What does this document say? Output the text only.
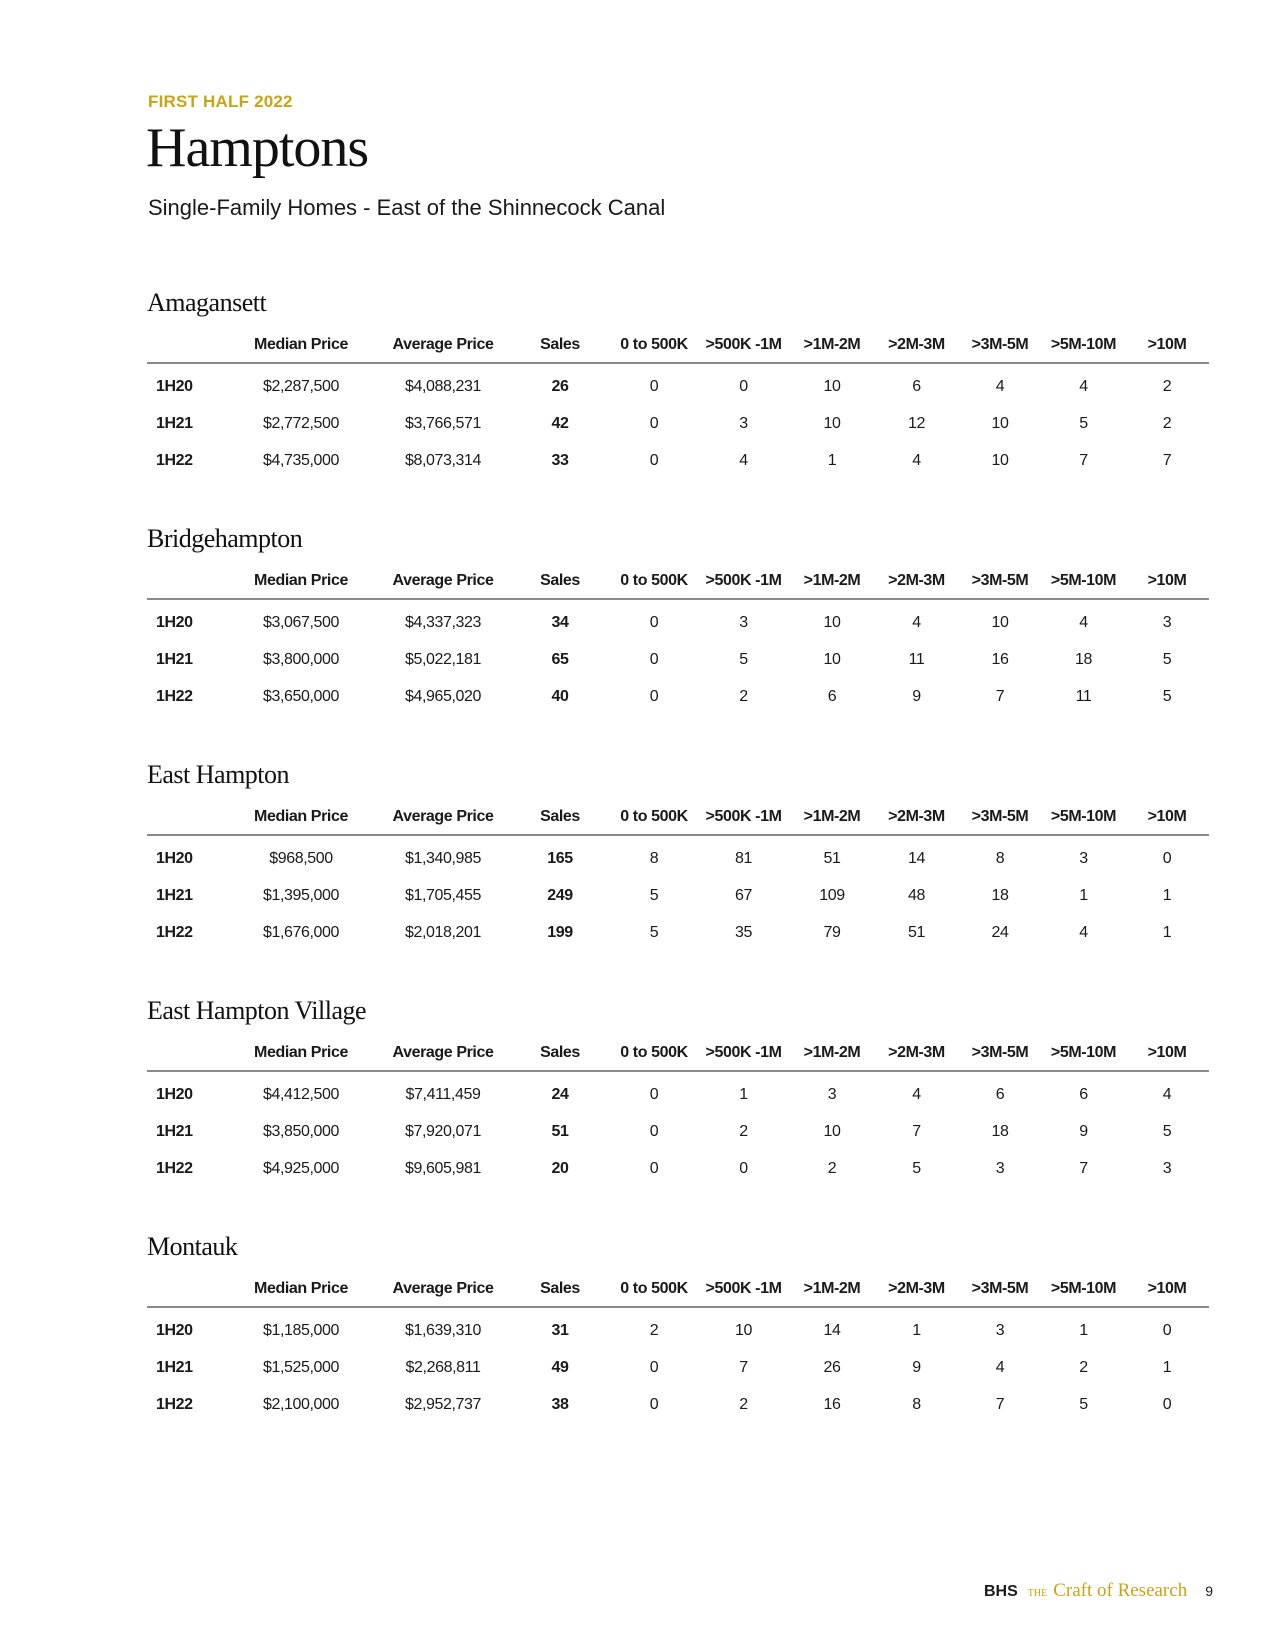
FIRST HALF 2022
Hamptons
Single-Family Homes - East of the Shinnecock Canal
Amagansett
	Median Price	Average Price	Sales	0 to 500K	>500K -1M	>1M-2M	>2M-3M	>3M-5M	>5M-10M	>10M
1H20	$2,287,500	$4,088,231	26	0	0	10	6	4	4	2
1H21	$2,772,500	$3,766,571	42	0	3	10	12	10	5	2
1H22	$4,735,000	$8,073,314	33	0	4	1	4	10	7	7
Bridgehampton
	Median Price	Average Price	Sales	0 to 500K	>500K -1M	>1M-2M	>2M-3M	>3M-5M	>5M-10M	>10M
1H20	$3,067,500	$4,337,323	34	0	3	10	4	10	4	3
1H21	$3,800,000	$5,022,181	65	0	5	10	11	16	18	5
1H22	$3,650,000	$4,965,020	40	0	2	6	9	7	11	5
East Hampton
	Median Price	Average Price	Sales	0 to 500K	>500K -1M	>1M-2M	>2M-3M	>3M-5M	>5M-10M	>10M
1H20	$968,500	$1,340,985	165	8	81	51	14	8	3	0
1H21	$1,395,000	$1,705,455	249	5	67	109	48	18	1	1
1H22	$1,676,000	$2,018,201	199	5	35	79	51	24	4	1
East Hampton Village
	Median Price	Average Price	Sales	0 to 500K	>500K -1M	>1M-2M	>2M-3M	>3M-5M	>5M-10M	>10M
1H20	$4,412,500	$7,411,459	24	0	1	3	4	6	6	4
1H21	$3,850,000	$7,920,071	51	0	2	10	7	18	9	5
1H22	$4,925,000	$9,605,981	20	0	0	2	5	3	7	3
Montauk
	Median Price	Average Price	Sales	0 to 500K	>500K -1M	>1M-2M	>2M-3M	>3M-5M	>5M-10M	>10M
1H20	$1,185,000	$1,639,310	31	2	10	14	1	3	1	0
1H21	$1,525,000	$2,268,811	49	0	7	26	9	4	2	1
1H22	$2,100,000	$2,952,737	38	0	2	16	8	7	5	0
BHS THE Craft of Research 9
